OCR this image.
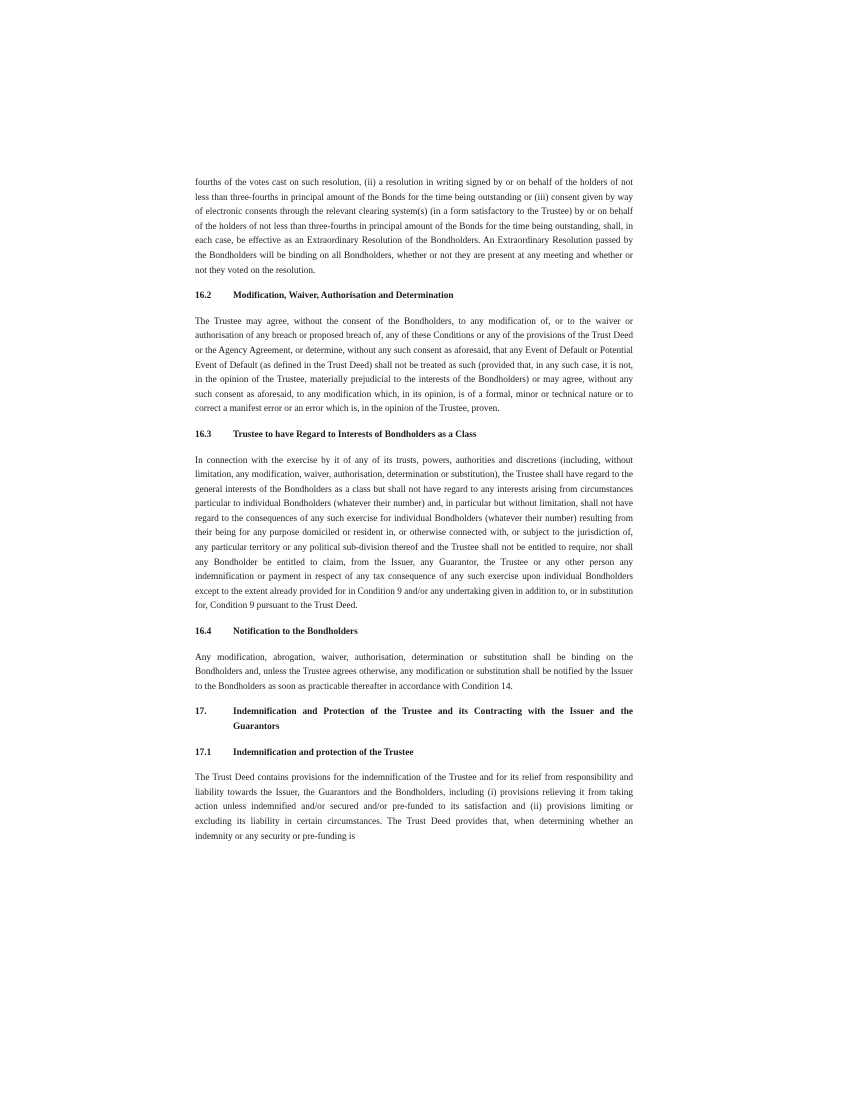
fourths of the votes cast on such resolution, (ii) a resolution in writing signed by or on behalf of the holders of not less than three-fourths in principal amount of the Bonds for the time being outstanding or (iii) consent given by way of electronic consents through the relevant clearing system(s) (in a form satisfactory to the Trustee) by or on behalf of the holders of not less than three-fourths in principal amount of the Bonds for the time being outstanding, shall, in each case, be effective as an Extraordinary Resolution of the Bondholders. An Extraordinary Resolution passed by the Bondholders will be binding on all Bondholders, whether or not they are present at any meeting and whether or not they voted on the resolution.

16.2	Modification, Waiver, Authorisation and Determination

The Trustee may agree, without the consent of the Bondholders, to any modification of, or to the waiver or authorisation of any breach or proposed breach of, any of these Conditions or any of the provisions of the Trust Deed or the Agency Agreement, or determine, without any such consent as aforesaid, that any Event of Default or Potential Event of Default (as defined in the Trust Deed) shall not be treated as such (provided that, in any such case, it is not, in the opinion of the Trustee, materially prejudicial to the interests of the Bondholders) or may agree, without any such consent as aforesaid, to any modification which, in its opinion, is of a formal, minor or technical nature or to correct a manifest error or an error which is, in the opinion of the Trustee, proven.

16.3	Trustee to have Regard to Interests of Bondholders as a Class

In connection with the exercise by it of any of its trusts, powers, authorities and discretions (including, without limitation, any modification, waiver, authorisation, determination or substitution), the Trustee shall have regard to the general interests of the Bondholders as a class but shall not have regard to any interests arising from circumstances particular to individual Bondholders (whatever their number) and, in particular but without limitation, shall not have regard to the consequences of any such exercise for individual Bondholders (whatever their number) resulting from their being for any purpose domiciled or resident in, or otherwise connected with, or subject to the jurisdiction of, any particular territory or any political sub-division thereof and the Trustee shall not be entitled to require, nor shall any Bondholder be entitled to claim, from the Issuer, any Guarantor, the Trustee or any other person any indemnification or payment in respect of any tax consequence of any such exercise upon individual Bondholders except to the extent already provided for in Condition 9 and/or any undertaking given in addition to, or in substitution for, Condition 9 pursuant to the Trust Deed.

16.4	Notification to the Bondholders

Any modification, abrogation, waiver, authorisation, determination or substitution shall be binding on the Bondholders and, unless the Trustee agrees otherwise, any modification or substitution shall be notified by the Issuer to the Bondholders as soon as practicable thereafter in accordance with Condition 14.

17.	Indemnification and Protection of the Trustee and its Contracting with the Issuer and the Guarantors
17.1	Indemnification and protection of the Trustee

The Trust Deed contains provisions for the indemnification of the Trustee and for its relief from responsibility and liability towards the Issuer, the Guarantors and the Bondholders, including (i) provisions relieving it from taking action unless indemnified and/or secured and/or pre-funded to its satisfaction and (ii) provisions limiting or excluding its liability in certain circumstances. The Trust Deed provides that, when determining whether an indemnity or any security or pre-funding is
